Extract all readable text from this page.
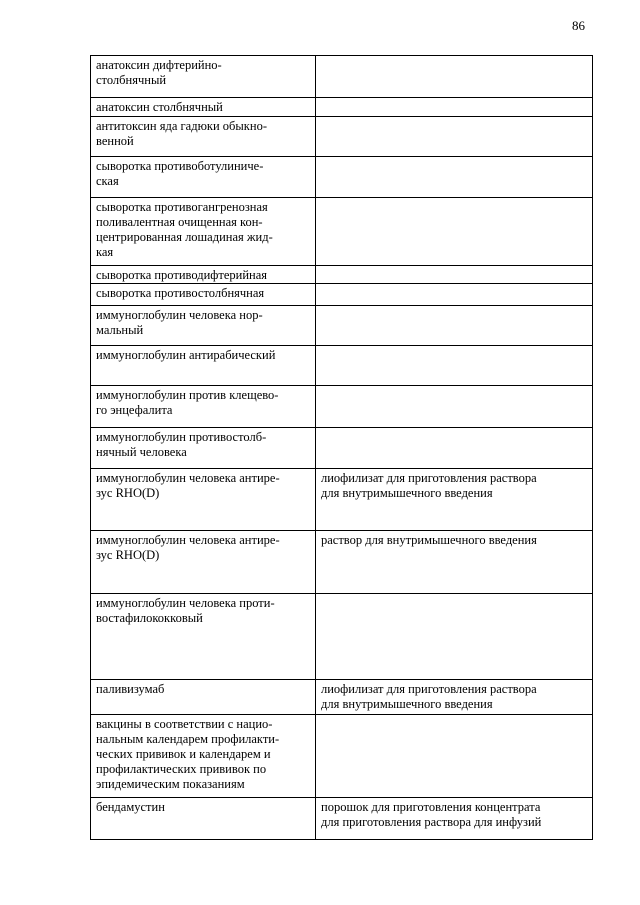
86
анатоксин дифтерийно-
столбнячный	
анатоксин столбнячный	
антитоксин яда гадюки обыкно-
венной	
сыворотка противоботулиниче-
ская	
сыворотка противогангренозная
поливалентная очищенная кон-
центрированная лошадиная жид-
кая	
сыворотка противодифтерийная	
сыворотка противостолбнячная	
иммуноглобулин человека нор-
мальный	
иммуноглобулин антирабический	
иммуноглобулин против клещево-
го энцефалита	
иммуноглобулин противостолб-
нячный человека	
иммуноглобулин человека антире-
зус RHO(D)	лиофилизат для приготовления раствора
для внутримышечного введения
иммуноглобулин человека антире-
зус RHO(D)	раствор для внутримышечного введения
иммуноглобулин человека проти-
востафилококковый	
паливизумаб	лиофилизат для приготовления раствора
для внутримышечного введения
вакцины в соответствии с нацио-
нальным календарем профилакти-
ческих прививок и календарем и
профилактических прививок по
эпидемическим показаниям	
бендамустин	порошок для приготовления концентрата
для приготовления раствора для инфузий
